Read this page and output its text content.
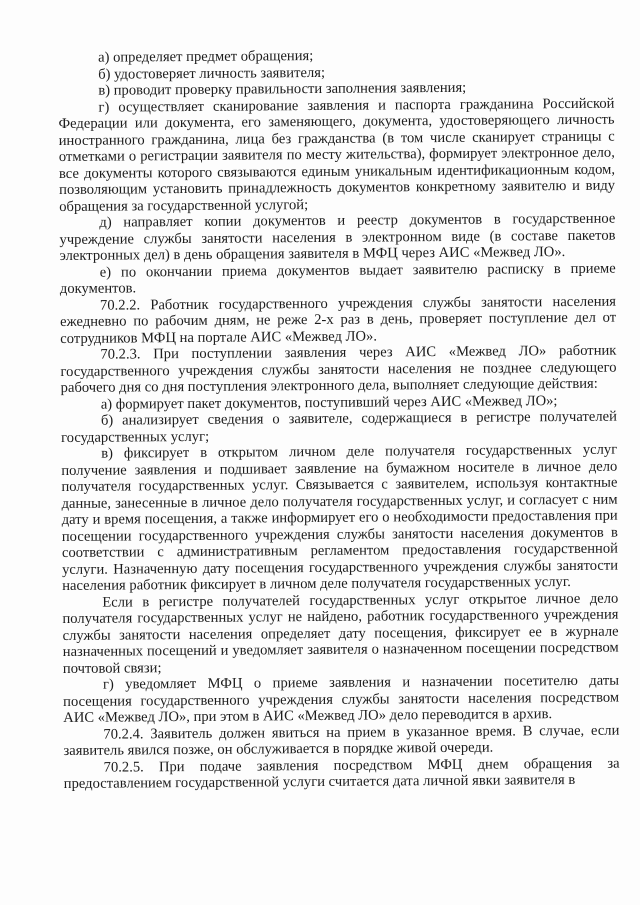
а) определяет предмет обращения;

б) удостоверяет личность заявителя;

в) проводит проверку правильности заполнения заявления;

г) осуществляет сканирование заявления и паспорта гражданина Российской Федерации или документа, его заменяющего, документа, удостоверяющего личность иностранного гражданина, лица без гражданства (в том числе сканирует страницы с отметками о регистрации заявителя по месту жительства), формирует электронное дело, все документы которого связываются единым уникальным идентификационным кодом, позволяющим установить принадлежность документов конкретному заявителю и виду обращения за государственной услугой;

д) направляет копии документов и реестр документов в государственное учреждение службы занятости населения в электронном виде (в составе пакетов электронных дел) в день обращения заявителя в МФЦ через АИС «Межвед ЛО».

е) по окончании приема документов выдает заявителю расписку в приеме документов.

70.2.2. Работник государственного учреждения службы занятости населения ежедневно по рабочим дням, не реже 2-х раз в день, проверяет поступление дел от сотрудников МФЦ на портале АИС «Межвед ЛО».

70.2.3. При поступлении заявления через АИС «Межвед ЛО» работник государственного учреждения службы занятости населения не позднее следующего рабочего дня со дня поступления электронного дела, выполняет следующие действия:

а) формирует пакет документов, поступивший через АИС «Межвед ЛО»;

б) анализирует сведения о заявителе, содержащиеся в регистре получателей государственных услуг;

в) фиксирует в открытом личном деле получателя государственных услуг получение заявления и подшивает заявление на бумажном носителе в личное дело получателя государственных услуг. Связывается с заявителем, используя контактные данные, занесенные в личное дело получателя государственных услуг, и согласует с ним дату и время посещения, а также информирует его о необходимости предоставления при посещении государственного учреждения службы занятости населения документов в соответствии с административным регламентом предоставления государственной услуги. Назначенную дату посещения государственного учреждения службы занятости населения работник фиксирует в личном деле получателя государственных услуг.

Если в регистре получателей государственных услуг открытое личное дело получателя государственных услуг не найдено, работник государственного учреждения службы занятости населения определяет дату посещения, фиксирует ее в журнале назначенных посещений и уведомляет заявителя о назначенном посещении посредством почтовой связи;

г) уведомляет МФЦ о приеме заявления и назначении посетителю даты посещения государственного учреждения службы занятости населения посредством АИС «Межвед ЛО», при этом в АИС «Межвед ЛО» дело переводится в архив.

70.2.4. Заявитель должен явиться на прием в указанное время. В случае, если заявитель явился позже, он обслуживается в порядке живой очереди.

70.2.5. При подаче заявления посредством МФЦ днем обращения за предоставлением государственной услуги считается дата личной явки заявителя в
